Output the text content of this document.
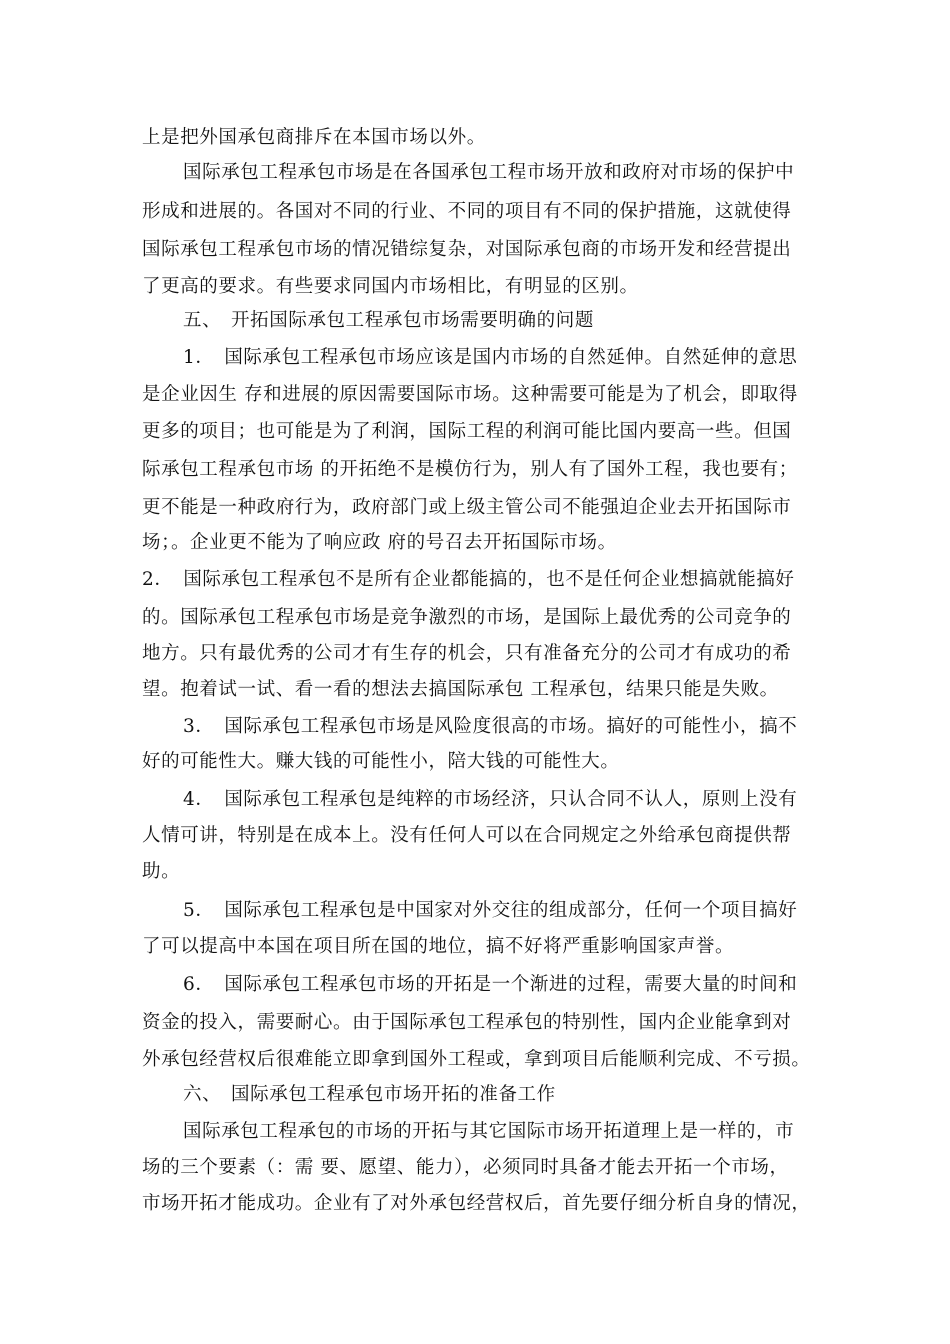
上是把外国承包商排斥在本国市场以外。
国际承包工程承包市场是在各国承包工程市场开放和政府对市场的保护中
形成和进展的。各国对不同的行业、不同的项目有不同的保护措施，这就使得
国际承包工程承包市场的情况错综复杂，对国际承包商的市场开发和经营提出
了更高的要求。有些要求同国内市场相比，有明显的区别。
五、　开拓国际承包工程承包市场需要明确的问题
1．　国际承包工程承包市场应该是国内市场的自然延伸。自然延伸的意思
是企业因生 存和进展的原因需要国际市场。这种需要可能是为了机会，即取得
更多的项目；也可能是为了利润，国际工程的利润可能比国内要高一些。但国
际承包工程承包市场 的开拓绝不是模仿行为，别人有了国外工程，我也要有；
更不能是一种政府行为，政府部门或上级主管公司不能强迫企业去开拓国际市
场；。企业更不能为了响应政 府的号召去开拓国际市场。
2．　国际承包工程承包不是所有企业都能搞的，也不是任何企业想搞就能搞好
的。国际承包工程承包市场是竞争激烈的市场，是国际上最优秀的公司竞争的
地方。只有最优秀的公司才有生存的机会，只有准备充分的公司才有成功的希
望。抱着试一试、看一看的想法去搞国际承包 工程承包，结果只能是失败。
3．　国际承包工程承包市场是风险度很高的市场。搞好的可能性小，搞不
好的可能性大。赚大钱的可能性小，陪大钱的可能性大。
4．　国际承包工程承包是纯粹的市场经济，只认合同不认人，原则上没有
人情可讲，特别是在成本上。没有任何人可以在合同规定之外给承包商提供帮
助。
5．　国际承包工程承包是中国家对外交往的组成部分，任何一个项目搞好
了可以提高中本国在项目所在国的地位，搞不好将严重影响国家声誉。
6．　国际承包工程承包市场的开拓是一个渐进的过程，需要大量的时间和
资金的投入，需要耐心。由于国际承包工程承包的特别性，国内企业能拿到对
外承包经营权后很难能立即拿到国外工程或，拿到项目后能顺利完成、不亏损。
六、　国际承包工程承包市场开拓的准备工作
国际承包工程承包的市场的开拓与其它国际市场开拓道理上是一样的，市
场的三个要素（：需 要、愿望、能力），必须同时具备才能去开拓一个市场，
市场开拓才能成功。企业有了对外承包经营权后，首先要仔细分析自身的情况，
